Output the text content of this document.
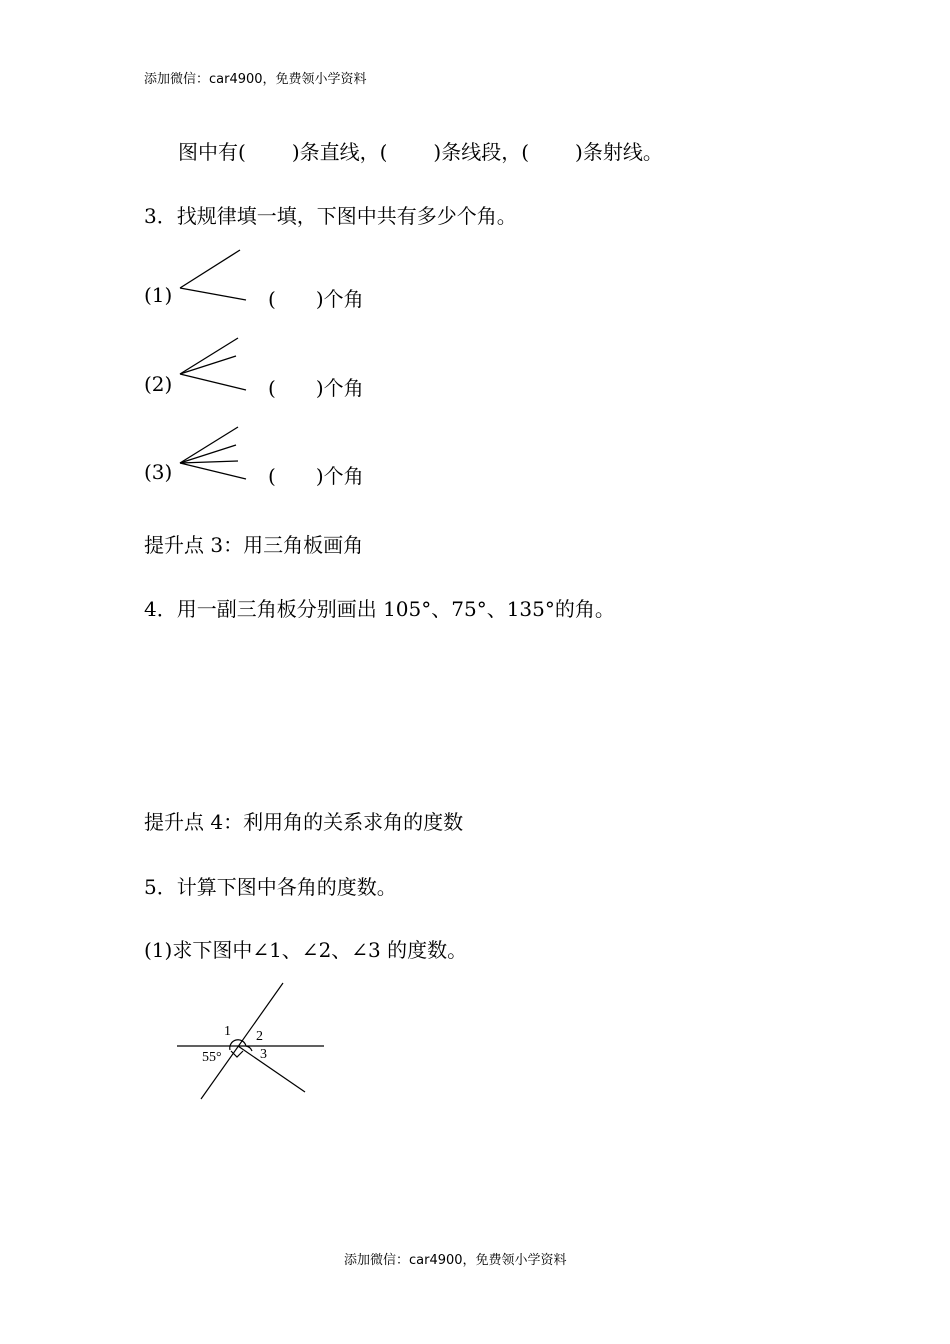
添加微信：car4900，免费领小学资料
图中有( )条直线，( )条线段，( )条射线。
3．找规律填一填，下图中共有多少个角。
(1)	( )个角
(2)	( )个角
(3)	( )个角
提升点 3：用三角板画角
4．用一副三角板分别画出 105°、75°、135°的角。
提升点 4：利用角的关系求角的度数
5．计算下图中各角的度数。
(1)求下图中∠1、∠2、∠3 的度数。
1 2
3
55°
添加微信：car4900，免费领小学资料
